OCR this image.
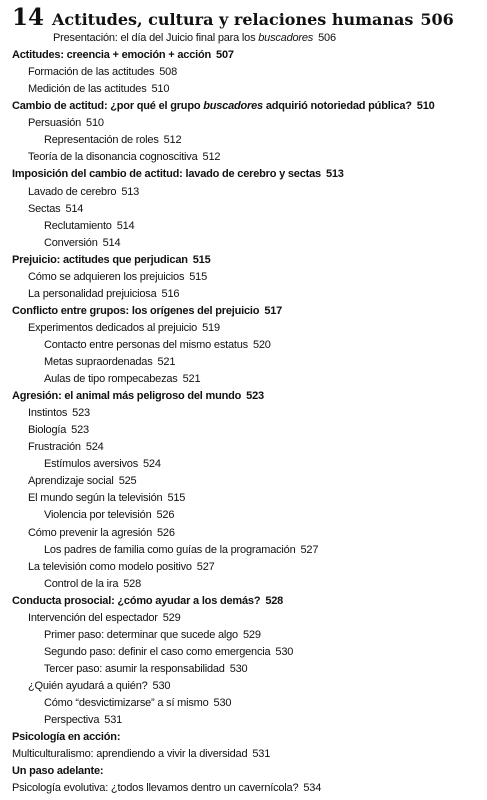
14 Actitudes, cultura y relaciones humanas 506
Presentación: el día del Juicio final para los buscadores 506
Actitudes: creencia + emoción + acción 507
Formación de las actitudes 508
Medición de las actitudes 510
Cambio de actitud: ¿por qué el grupo buscadores adquirió notoriedad pública? 510
Persuasión 510
Representación de roles 512
Teoría de la disonancia cognoscitiva 512
Imposición del cambio de actitud: lavado de cerebro y sectas 513
Lavado de cerebro 513
Sectas 514
Reclutamiento 514
Conversión 514
Prejuicio: actitudes que perjudican 515
Cómo se adquieren los prejuicios 515
La personalidad prejuiciosa 516
Conflicto entre grupos: los orígenes del prejuicio 517
Experimentos dedicados al prejuicio 519
Contacto entre personas del mismo estatus 520
Metas supraordenadas 521
Aulas de tipo rompecabezas 521
Agresión: el animal más peligroso del mundo 523
Instintos 523
Biología 523
Frustración 524
Estímulos aversivos 524
Aprendizaje social 525
El mundo según la televisión 515
Violencia por televisión 526
Cómo prevenir la agresión 526
Los padres de familia como guías de la programación 527
La televisión como modelo positivo 527
Control de la ira 528
Conducta prosocial: ¿cómo ayudar a los demás? 528
Intervención del espectador 529
Primer paso: determinar que sucede algo 529
Segundo paso: definir el caso como emergencia 530
Tercer paso: asumir la responsabilidad 530
¿Quién ayudará a quién? 530
Cómo “desvictimizarse” a sí mismo 530
Perspectiva 531
Psicología en acción:
Multiculturalismo: aprendiendo a vivir la diversidad 531
Un paso adelante:
Psicología evolutiva: ¿todos llevamos dentro un cavernícola? 534
